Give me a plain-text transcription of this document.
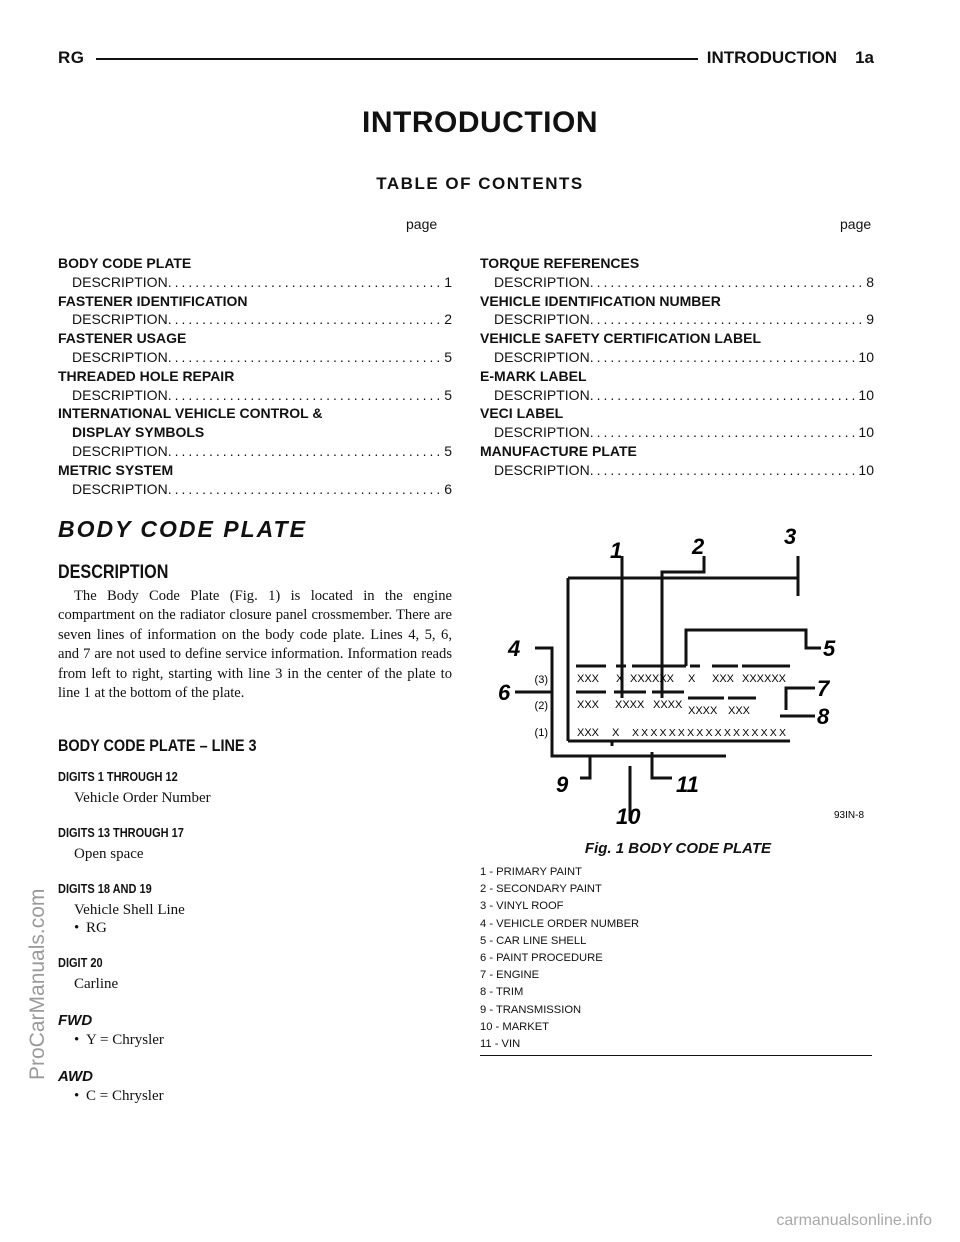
RG	INTRODUCTION 1a
INTRODUCTION
TABLE OF CONTENTS
page	page
BODY CODE PLATE
DESCRIPTION .....	1
FASTENER IDENTIFICATION
DESCRIPTION .....	2
FASTENER USAGE
DESCRIPTION .....	5
THREADED HOLE REPAIR
DESCRIPTION .....	5
INTERNATIONAL VEHICLE CONTROL &
DISPLAY SYMBOLS
DESCRIPTION .....	5
METRIC SYSTEM
DESCRIPTION .....	6
TORQUE REFERENCES
DESCRIPTION .....	8
VEHICLE IDENTIFICATION NUMBER
DESCRIPTION .....	9
VEHICLE SAFETY CERTIFICATION LABEL
DESCRIPTION .....	10
E-MARK LABEL
DESCRIPTION .....	10
VECI LABEL
DESCRIPTION .....	10
MANUFACTURE PLATE
DESCRIPTION .....	10
BODY CODE PLATE
DESCRIPTION
The Body Code Plate (Fig. 1) is located in the engine compartment on the radiator closure panel crossmember. There are seven lines of information on the body code plate. Lines 4, 5, 6, and 7 are not used to define service information. Information reads from left to right, starting with line 3 in the center of the plate to line 1 at the bottom of the plate.
BODY CODE PLATE – LINE 3
DIGITS 1 THROUGH 12
Vehicle Order Number
DIGITS 13 THROUGH 17
Open space
DIGITS 18 AND 19
Vehicle Shell Line
• RG
DIGIT 20
Carline
FWD
• Y = Chrysler
AWD
• C = Chrysler
(3)
(2)
(1)
XXX X XXXXXX X XXX XXXXXX
XXX XXXX XXXX XXXX XXX
XXX X XXXXXXXXXXXXXXXXX
1	2	3
4	5
6	7
8
9
10
11
93IN-8
Fig. 1 BODY CODE PLATE
1 - PRIMARY PAINT
2 - SECONDARY PAINT
3 - VINYL ROOF
4 - VEHICLE ORDER NUMBER
5 - CAR LINE SHELL
6 - PAINT PROCEDURE
7 - ENGINE
8 - TRIM
9 - TRANSMISSION
10 - MARKET
11 - VIN
ProCarManuals.com
carmanualsonline.info
